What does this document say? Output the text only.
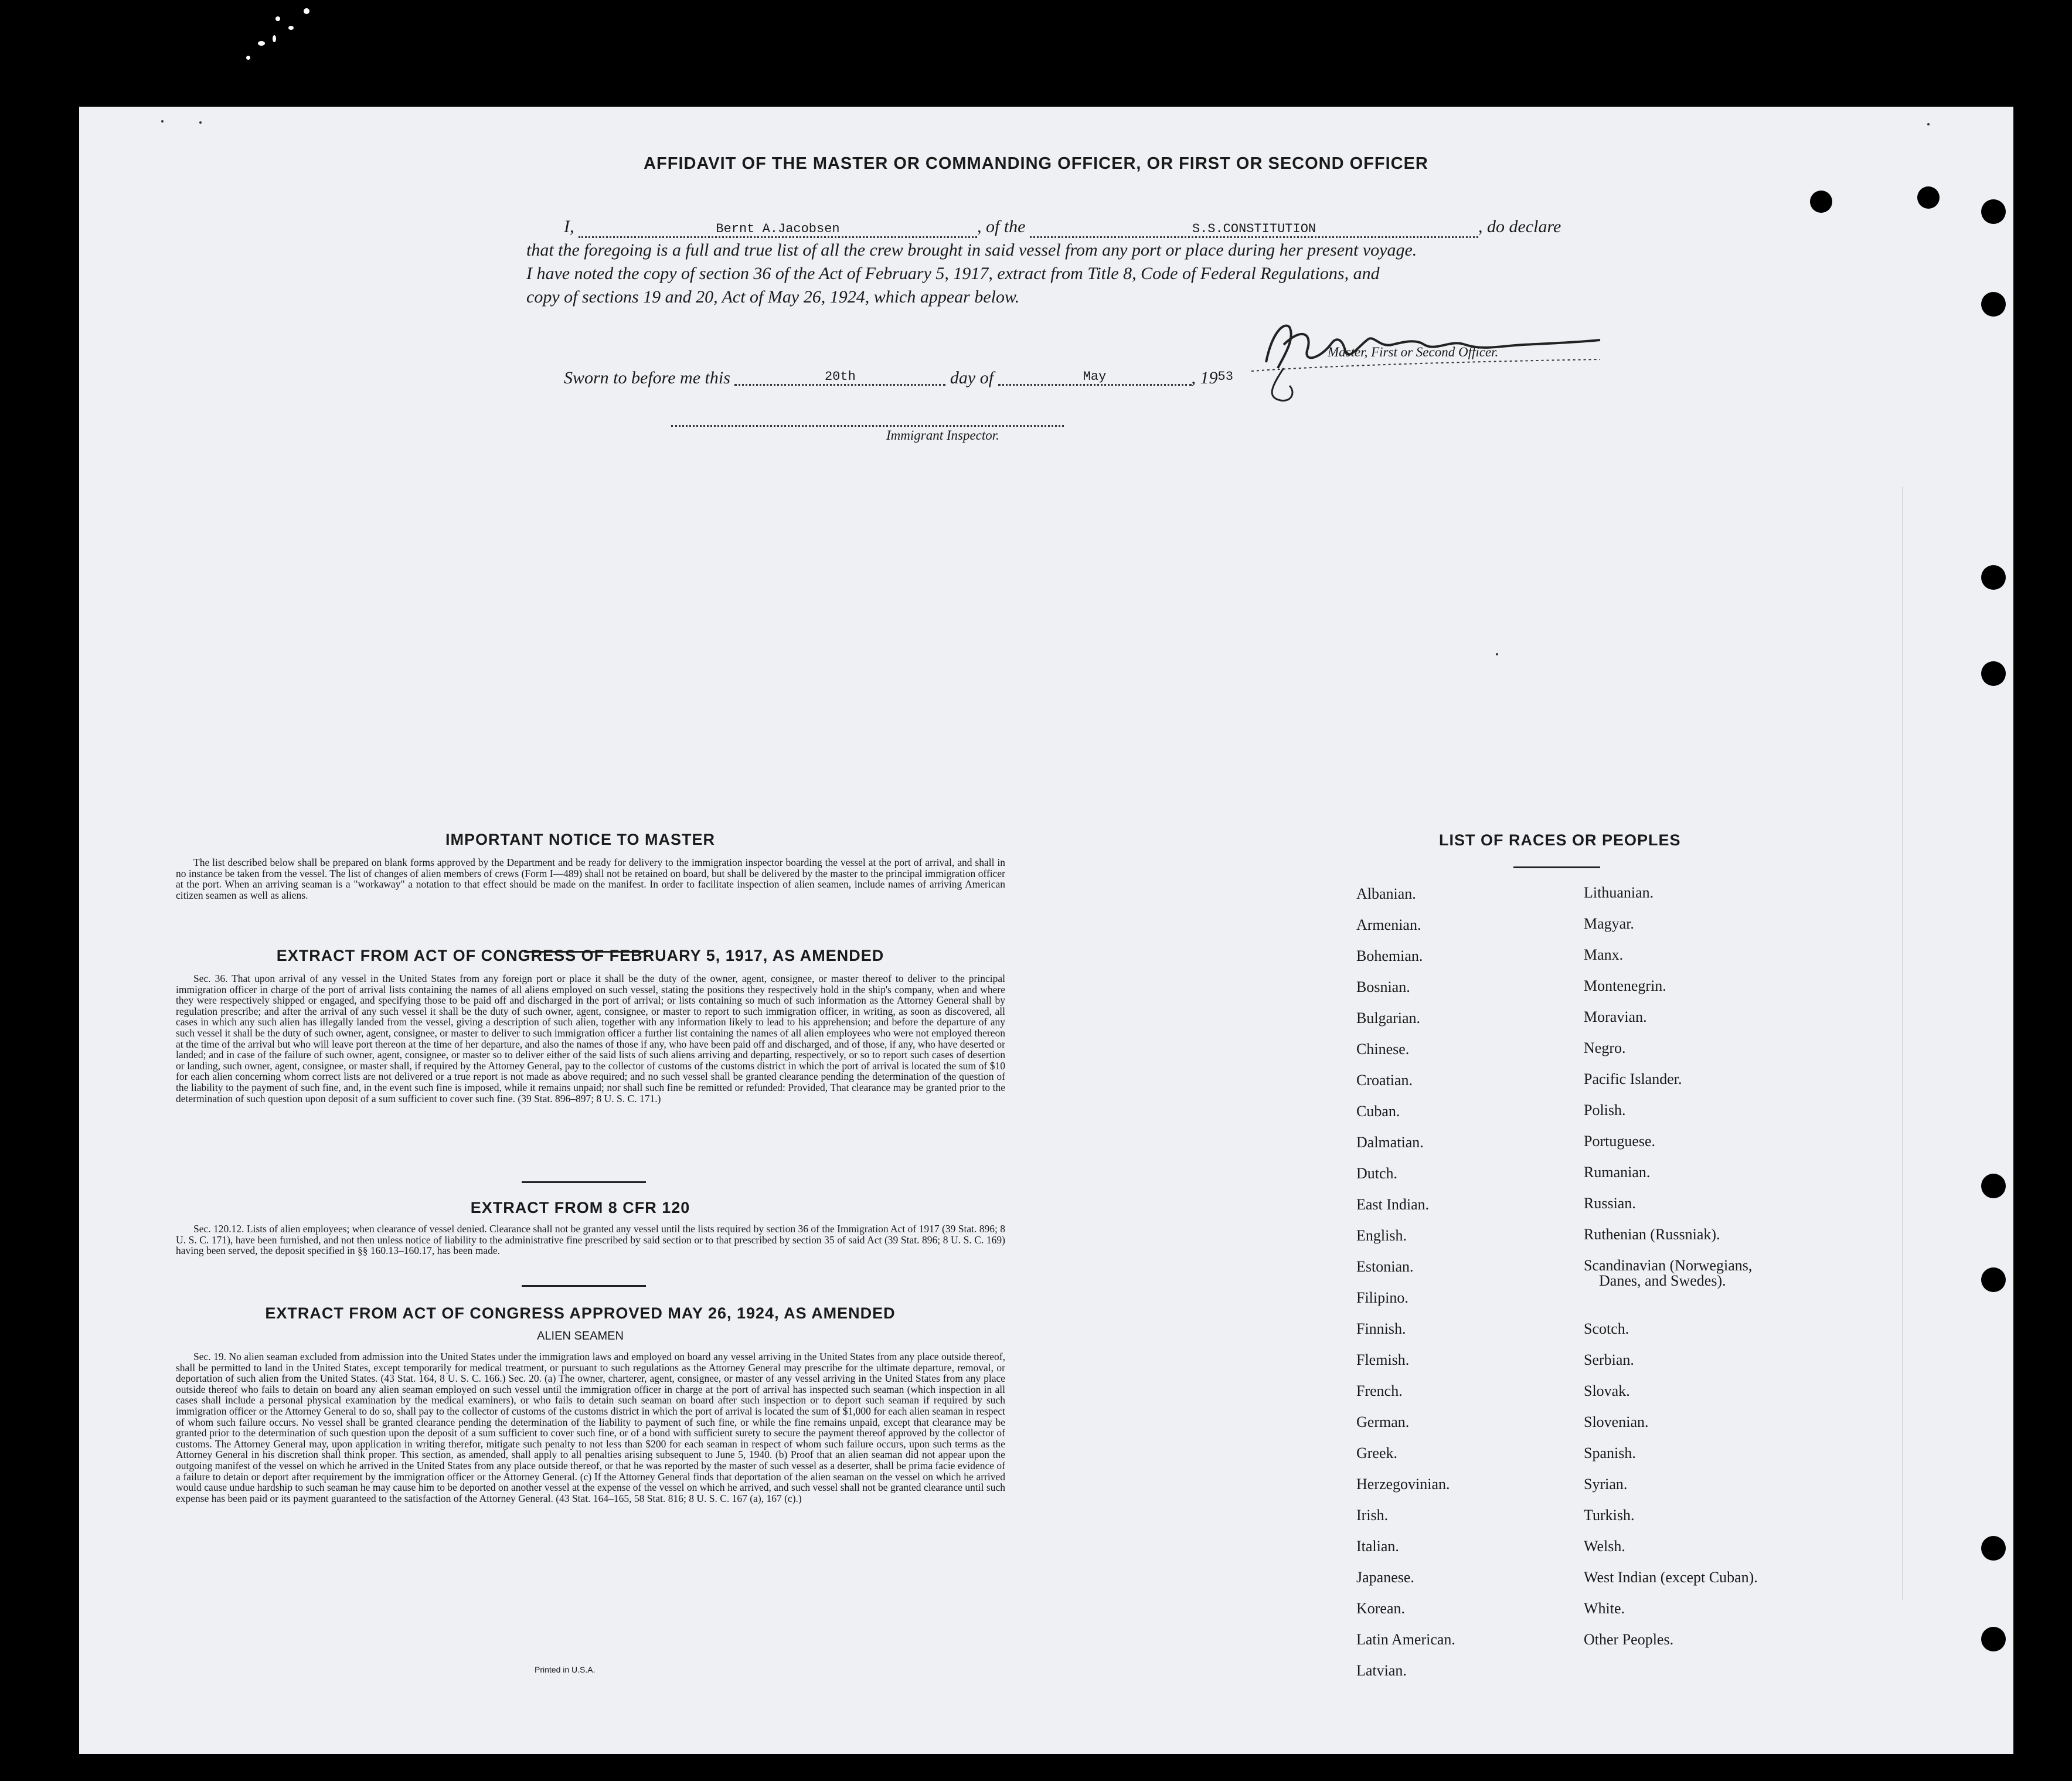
AFFIDAVIT OF THE MASTER OR COMMANDING OFFICER, OR FIRST OR SECOND OFFICER
I,	Bernt A.Jacobsen	, of the	S.S.CONSTITUTION	, do declare
that the foregoing is a full and true list of all the crew brought in said vessel from any port or place during her present voyage.
I have noted the copy of section 36 of the Act of February 5, 1917, extract from Title 8, Code of Federal Regulations, and
copy of sections 19 and 20, Act of May 26, 1924, which appear below.
Master, First or Second Officer.
Sworn to before me this	20th	day of	May	, $19^{53}$
Immigrant Inspector.
IMPORTANT NOTICE TO MASTER
The list described below shall be prepared on blank forms approved by the Department and be ready for delivery to the immigration inspector boarding the vessel at the port of arrival, and shall in no instance be taken from the vessel. The list of changes of alien members of crews (Form I—489) shall not be retained on board, but shall be delivered by the master to the principal immigration officer at the port. When an arriving seaman is a "workaway" a notation to that effect should be made on the manifest. In order to facilitate inspection of alien seamen, include names of arriving American citizen seamen as well as aliens.
EXTRACT FROM ACT OF CONGRESS OF FEBRUARY 5, 1917, AS AMENDED
Sec. 36. That upon arrival of any vessel in the United States from any foreign port or place it shall be the duty of the owner, agent, consignee, or master thereof to deliver to the principal immigration officer in charge of the port of arrival lists containing the names of all aliens employed on such vessel, stating the positions they respectively hold in the ship's company, when and where they were respectively shipped or engaged, and specifying those to be paid off and discharged in the port of arrival; or lists containing so much of such information as the Attorney General shall by regulation prescribe; and after the arrival of any such vessel it shall be the duty of such owner, agent, consignee, or master to report to such immigration officer, in writing, as soon as discovered, all cases in which any such alien has illegally landed from the vessel, giving a description of such alien, together with any information likely to lead to his apprehension; and before the departure of any such vessel it shall be the duty of such owner, agent, consignee, or master to deliver to such immigration officer a further list containing the names of all alien employees who were not employed thereon at the time of the arrival but who will leave port thereon at the time of her departure, and also the names of those if any, who have been paid off and discharged, and of those, if any, who have deserted or landed; and in case of the failure of such owner, agent, consignee, or master so to deliver either of the said lists of such aliens arriving and departing, respectively, or so to report such cases of desertion or landing, such owner, agent, consignee, or master shall, if required by the Attorney General, pay to the collector of customs of the customs district in which the port of arrival is located the sum of $10 for each alien concerning whom correct lists are not delivered or a true report is not made as above required; and no such vessel shall be granted clearance pending the determination of the question of the liability to the payment of such fine, and, in the event such fine is imposed, while it remains unpaid; nor shall such fine be remitted or refunded: Provided, That clearance may be granted prior to the determination of such question upon deposit of a sum sufficient to cover such fine. (39 Stat. 896–897; 8 U. S. C. 171.)
EXTRACT FROM 8 CFR 120
Sec. 120.12. Lists of alien employees; when clearance of vessel denied. Clearance shall not be granted any vessel until the lists required by section 36 of the Immigration Act of 1917 (39 Stat. 896; 8 U. S. C. 171), have been furnished, and not then unless notice of liability to the administrative fine prescribed by said section or to that prescribed by section 35 of said Act (39 Stat. 896; 8 U. S. C. 169) having been served, the deposit specified in §§ 160.13–160.17, has been made.
EXTRACT FROM ACT OF CONGRESS APPROVED MAY 26, 1924, AS AMENDED
ALIEN SEAMEN
Sec. 19. No alien seaman excluded from admission into the United States under the immigration laws and employed on board any vessel arriving in the United States from any place outside thereof, shall be permitted to land in the United States, except temporarily for medical treatment, or pursuant to such regulations as the Attorney General may prescribe for the ultimate departure, removal, or deportation of such alien from the United States. (43 Stat. 164, 8 U. S. C. 166.) Sec. 20. (a) The owner, charterer, agent, consignee, or master of any vessel arriving in the United States from any place outside thereof who fails to detain on board any alien seaman employed on such vessel until the immigration officer in charge at the port of arrival has inspected such seaman (which inspection in all cases shall include a personal physical examination by the medical examiners), or who fails to detain such seaman on board after such inspection or to deport such seaman if required by such immigration officer or the Attorney General to do so, shall pay to the collector of customs of the customs district in which the port of arrival is located the sum of $1,000 for each alien seaman in respect of whom such failure occurs. No vessel shall be granted clearance pending the determination of the liability to payment of such fine, or while the fine remains unpaid, except that clearance may be granted prior to the determination of such question upon the deposit of a sum sufficient to cover such fine, or of a bond with sufficient surety to secure the payment thereof approved by the collector of customs. The Attorney General may, upon application in writing therefor, mitigate such penalty to not less than $200 for each seaman in respect of whom such failure occurs, upon such terms as the Attorney General in his discretion shall think proper. This section, as amended, shall apply to all penalties arising subsequent to June 5, 1940. (b) Proof that an alien seaman did not appear upon the outgoing manifest of the vessel on which he arrived in the United States from any place outside thereof, or that he was reported by the master of such vessel as a deserter, shall be prima facie evidence of a failure to detain or deport after requirement by the immigration officer or the Attorney General. (c) If the Attorney General finds that deportation of the alien seaman on the vessel on which he arrived would cause undue hardship to such seaman he may cause him to be deported on another vessel at the expense of the vessel on which he arrived, and such vessel shall not be granted clearance until such expense has been paid or its payment guaranteed to the satisfaction of the Attorney General. (43 Stat. 164–165, 58 Stat. 816; 8 U. S. C. 167 (a), 167 (c).)
Printed in U.S.A.
LIST OF RACES OR PEOPLES
Albanian.
Armenian.
Bohemian.
Bosnian.
Bulgarian.
Chinese.
Croatian.
Cuban.
Dalmatian.
Dutch.
East Indian.
English.
Estonian.
Filipino.
Finnish.
Flemish.
French.
German.
Greek.
Herzegovinian.
Irish.
Italian.
Japanese.
Korean.
Latin American.
Latvian.
Lithuanian.
Magyar.
Manx.
Montenegrin.
Moravian.
Negro.
Pacific Islander.
Polish.
Portuguese.
Rumanian.
Russian.
Ruthenian (Russniak).
Scandinavian (Norwegians,
Danes, and Swedes).
Scotch.
Serbian.
Slovak.
Slovenian.
Spanish.
Syrian.
Turkish.
Welsh.
West Indian (except Cuban).
White.
Other Peoples.
